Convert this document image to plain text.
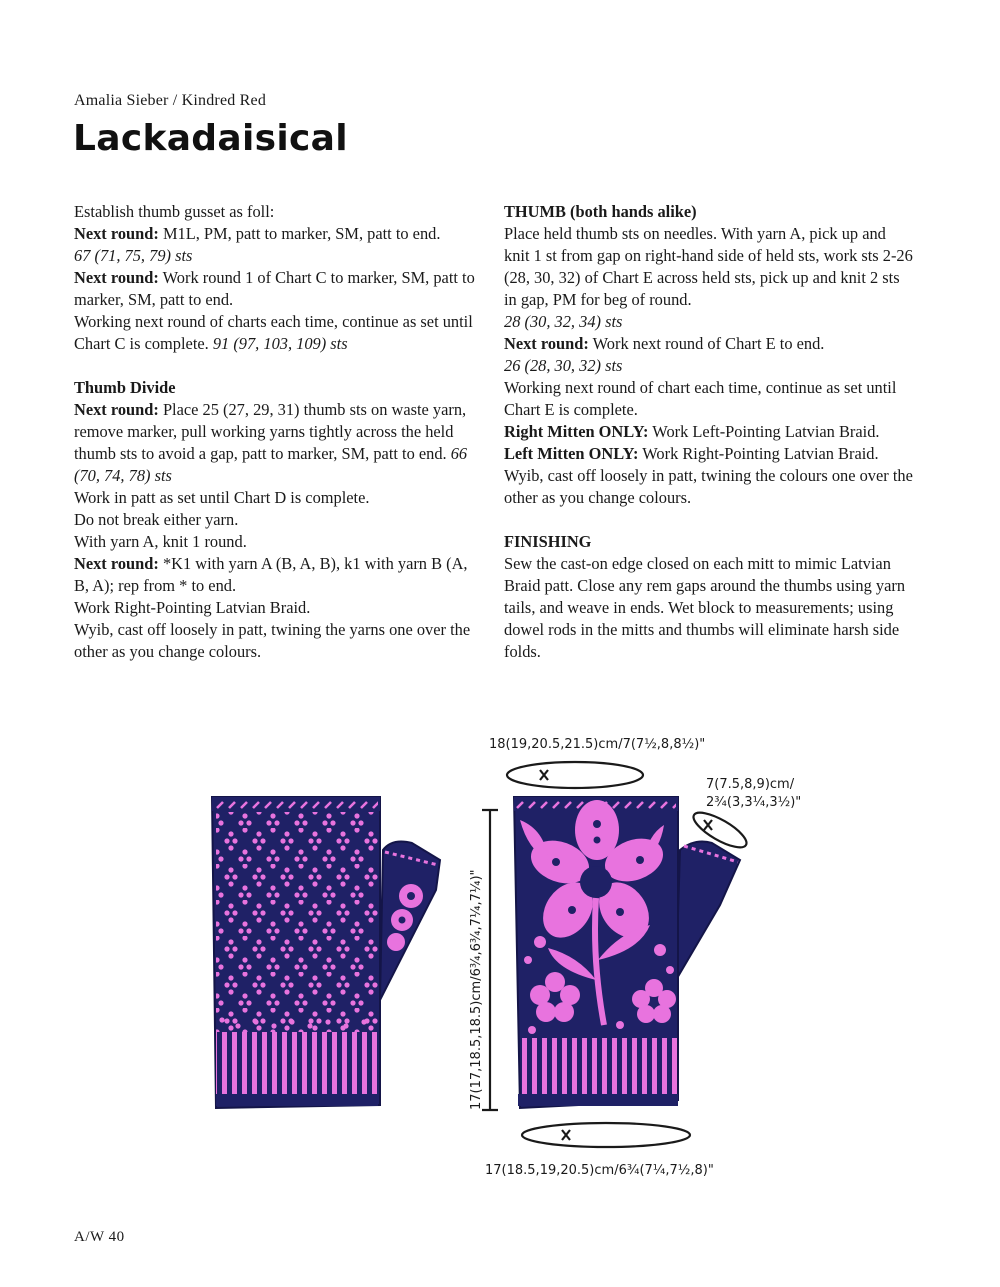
Amalia Sieber / Kindred Red
Lackadaisical

Establish thumb gusset as foll:

Next round: M1L, PM, patt to marker, SM, patt to end.

67 (71, 75, 79) sts

Next round: Work round 1 of Chart C to marker, SM, patt to marker, SM, patt to end.

Working next round of charts each time, continue as set until Chart C is complete. 91 (97, 103, 109) sts

Thumb Divide

Next round: Place 25 (27, 29, 31) thumb sts on waste yarn, remove marker, pull working yarns tightly across the held thumb sts to avoid a gap, patt to marker, SM, patt to end. 66 (70, 74, 78) sts

Work in patt as set until Chart D is complete.

Do not break either yarn.

With yarn A, knit 1 round.

Next round: *K1 with yarn A (B, A, B), k1 with yarn B (A, B, A); rep from * to end.

Work Right-Pointing Latvian Braid.

Wyib, cast off loosely in patt, twining the yarns one over the other as you change colours.

THUMB (both hands alike)

Place held thumb sts on needles. With yarn A, pick up and knit 1 st from gap on right-hand side of held sts, work sts 2-26 (28, 30, 32) of Chart E across held sts, pick up and knit 2 sts in gap, PM for beg of round.

28 (30, 32, 34) sts

Next round: Work next round of Chart E to end.

26 (28, 30, 32) sts

Working next round of chart each time, continue as set until Chart E is complete.

Right Mitten ONLY: Work Left-Pointing Latvian Braid.

Left Mitten ONLY: Work Right-Pointing Latvian Braid.

Wyib, cast off loosely in patt, twining the colours one over the other as you change colours.

FINISHING

Sew the cast-on edge closed on each mitt to mimic Latvian Braid patt. Close any rem gaps around the thumbs using yarn tails, and weave in ends. Wet block to measurements; using dowel rods in the mitts and thumbs will eliminate harsh side folds.

18(19,20.5,21.5)cm/7(7½,8,8½)"
7(7.5,8,9)cm/
2¾(3,3¼,3½)"
17(17,18.5,18.5)cm/6¾,6¾,7¼,7¼)"
17(18.5,19,20.5)cm/6¾(7¼,7½,8)"
A/W 40
